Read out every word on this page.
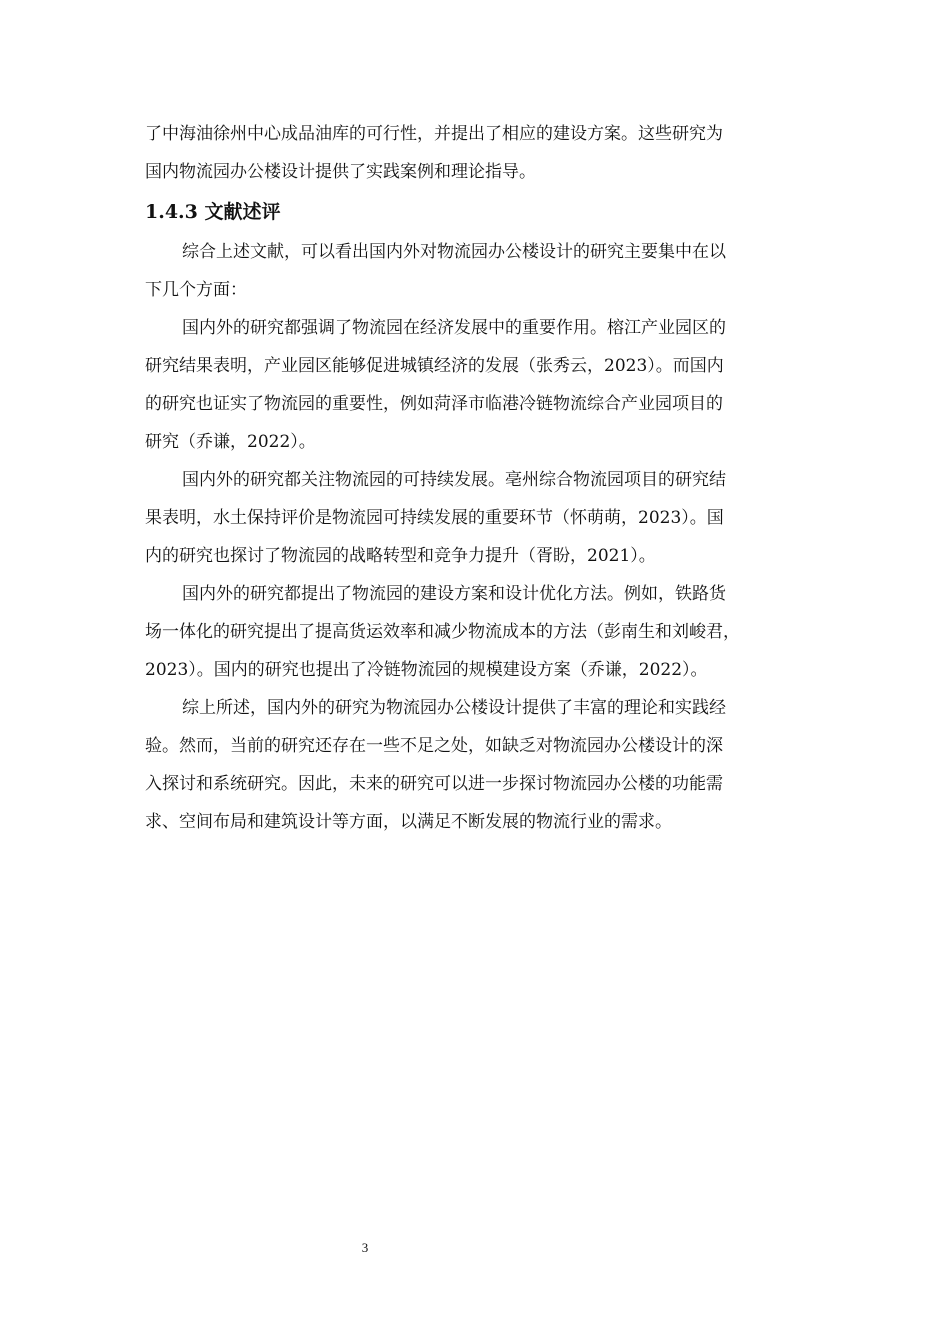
了中海油徐州中心成品油库的可行性，并提出了相应的建设方案。这些研究为
国内物流园办公楼设计提供了实践案例和理论指导。
1.4.3 文献述评
综合上述文献，可以看出国内外对物流园办公楼设计的研究主要集中在以
下几个方面：
国内外的研究都强调了物流园在经济发展中的重要作用。榕江产业园区的
研究结果表明，产业园区能够促进城镇经济的发展（张秀云，2023）。而国内
的研究也证实了物流园的重要性，例如菏泽市临港冷链物流综合产业园项目的
研究（乔谦，2022）。
国内外的研究都关注物流园的可持续发展。亳州综合物流园项目的研究结
果表明，水土保持评价是物流园可持续发展的重要环节（怀萌萌，2023）。国
内的研究也探讨了物流园的战略转型和竞争力提升（胥盼，2021）。
国内外的研究都提出了物流园的建设方案和设计优化方法。例如，铁路货
场一体化的研究提出了提高货运效率和减少物流成本的方法（彭南生和刘峻君，
2023）。国内的研究也提出了冷链物流园的规模建设方案（乔谦，2022）。
综上所述，国内外的研究为物流园办公楼设计提供了丰富的理论和实践经
验。然而，当前的研究还存在一些不足之处，如缺乏对物流园办公楼设计的深
入探讨和系统研究。因此，未来的研究可以进一步探讨物流园办公楼的功能需
求、空间布局和建筑设计等方面，以满足不断发展的物流行业的需求。
3
